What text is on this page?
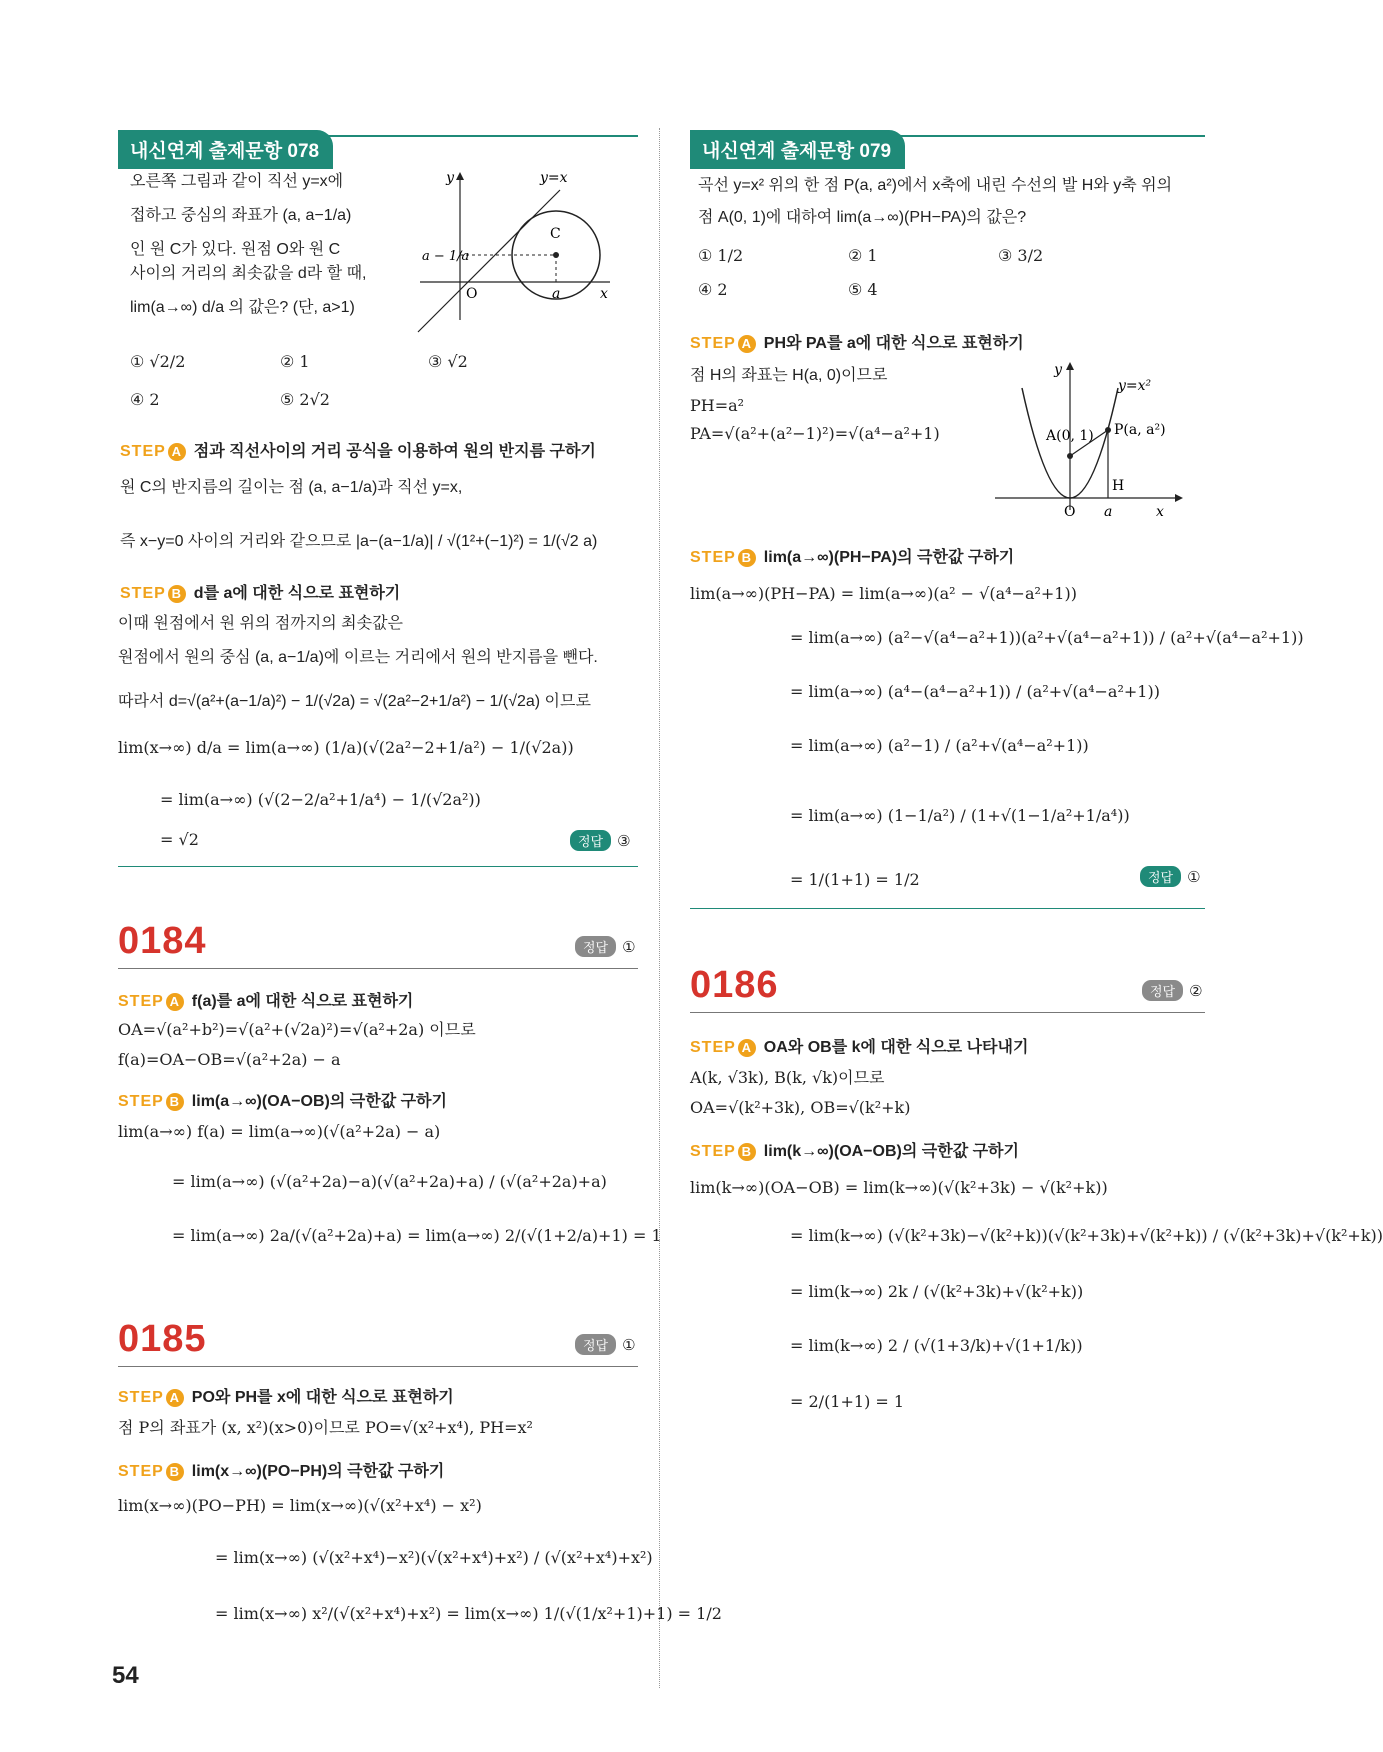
내신연계 출제문항 078
오른쪽 그림과 같이 직선 y=x에
접하고 중심의 좌표가 (a, a−1/a)
인 원 C가 있다. 원점 O와 원 C
사이의 거리의 최솟값을 d라 할 때,
lim(a→∞) d/a 의 값은? (단, a>1)
y	y=x
a − 1/a
C
O	a	x
① √2/2	② 1	③ √2
④ 2	⑤ 2√2
STEP A 점과 직선사이의 거리 공식을 이용하여 원의 반지름 구하기
원 C의 반지름의 길이는 점 (a, a−1/a)과 직선 y=x,
즉 x−y=0 사이의 거리와 같으므로 |a−(a−1/a)| / √(1²+(−1)²) = 1/(√2 a)
STEP B d를 a에 대한 식으로 표현하기
이때 원점에서 원 위의 점까지의 최솟값은
원점에서 원의 중심 (a, a−1/a)에 이르는 거리에서 원의 반지름을 뺀다.
따라서 d=√(a²+(a−1/a)²) − 1/(√2a) = √(2a²−2+1/a²) − 1/(√2a) 이므로
lim(x→∞) d/a = lim(a→∞) (1/a)(√(2a²−2+1/a²) − 1/(√2a))
= lim(a→∞) (√(2−2/a²+1/a⁴) − 1/(√2a²))
= √2	정답 ③
0184	정답 ①
STEP A f(a)를 a에 대한 식으로 표현하기
OA=√(a²+b²)=√(a²+(√2a)²)=√(a²+2a) 이므로
f(a)=OA−OB=√(a²+2a) − a
STEP B lim(a→∞)(OA−OB)의 극한값 구하기
lim(a→∞) f(a) = lim(a→∞)(√(a²+2a) − a)
= lim(a→∞) (√(a²+2a)−a)(√(a²+2a)+a) / (√(a²+2a)+a)
= lim(a→∞) 2a/(√(a²+2a)+a) = lim(a→∞) 2/(√(1+2/a)+1) = 1
0185	정답 ①
STEP A PO와 PH를 x에 대한 식으로 표현하기
점 P의 좌표가 (x, x²)(x>0)이므로 PO=√(x²+x⁴), PH=x²
STEP B lim(x→∞)(PO−PH)의 극한값 구하기
lim(x→∞)(PO−PH) = lim(x→∞)(√(x²+x⁴) − x²)
= lim(x→∞) (√(x²+x⁴)−x²)(√(x²+x⁴)+x²) / (√(x²+x⁴)+x²)
= lim(x→∞) x²/(√(x²+x⁴)+x²) = lim(x→∞) 1/(√(1/x²+1)+1) = 1/2
54
내신연계 출제문항 079
곡선 y=x² 위의 한 점 P(a, a²)에서 x축에 내린 수선의 발 H와 y축 위의
점 A(0, 1)에 대하여 lim(a→∞)(PH−PA)의 값은?
① 1/2	② 1	③ 3/2
④ 2	⑤ 4
STEP A PH와 PA를 a에 대한 식으로 표현하기
점 H의 좌표는 H(a, 0)이므로
PH=a²
PA=√(a²+(a²−1)²)=√(a⁴−a²+1)
y
y=x²
A(0, 1) P(a, a²)
H
O a	x
STEP B lim(a→∞)(PH−PA)의 극한값 구하기
lim(a→∞)(PH−PA) = lim(a→∞)(a² − √(a⁴−a²+1))
= lim(a→∞) (a²−√(a⁴−a²+1))(a²+√(a⁴−a²+1)) / (a²+√(a⁴−a²+1))
= lim(a→∞) (a⁴−(a⁴−a²+1)) / (a²+√(a⁴−a²+1))
= lim(a→∞) (a²−1) / (a²+√(a⁴−a²+1))
= lim(a→∞) (1−1/a²) / (1+√(1−1/a²+1/a⁴))
= 1/(1+1) = 1/2	정답 ①
0186	정답 ②
STEP A OA와 OB를 k에 대한 식으로 나타내기
A(k, √3k), B(k, √k)이므로
OA=√(k²+3k), OB=√(k²+k)
STEP B lim(k→∞)(OA−OB)의 극한값 구하기
lim(k→∞)(OA−OB) = lim(k→∞)(√(k²+3k) − √(k²+k))
= lim(k→∞) (√(k²+3k)−√(k²+k))(√(k²+3k)+√(k²+k)) / (√(k²+3k)+√(k²+k))
= lim(k→∞) 2k / (√(k²+3k)+√(k²+k))
= lim(k→∞) 2 / (√(1+3/k)+√(1+1/k))
= 2/(1+1) = 1
